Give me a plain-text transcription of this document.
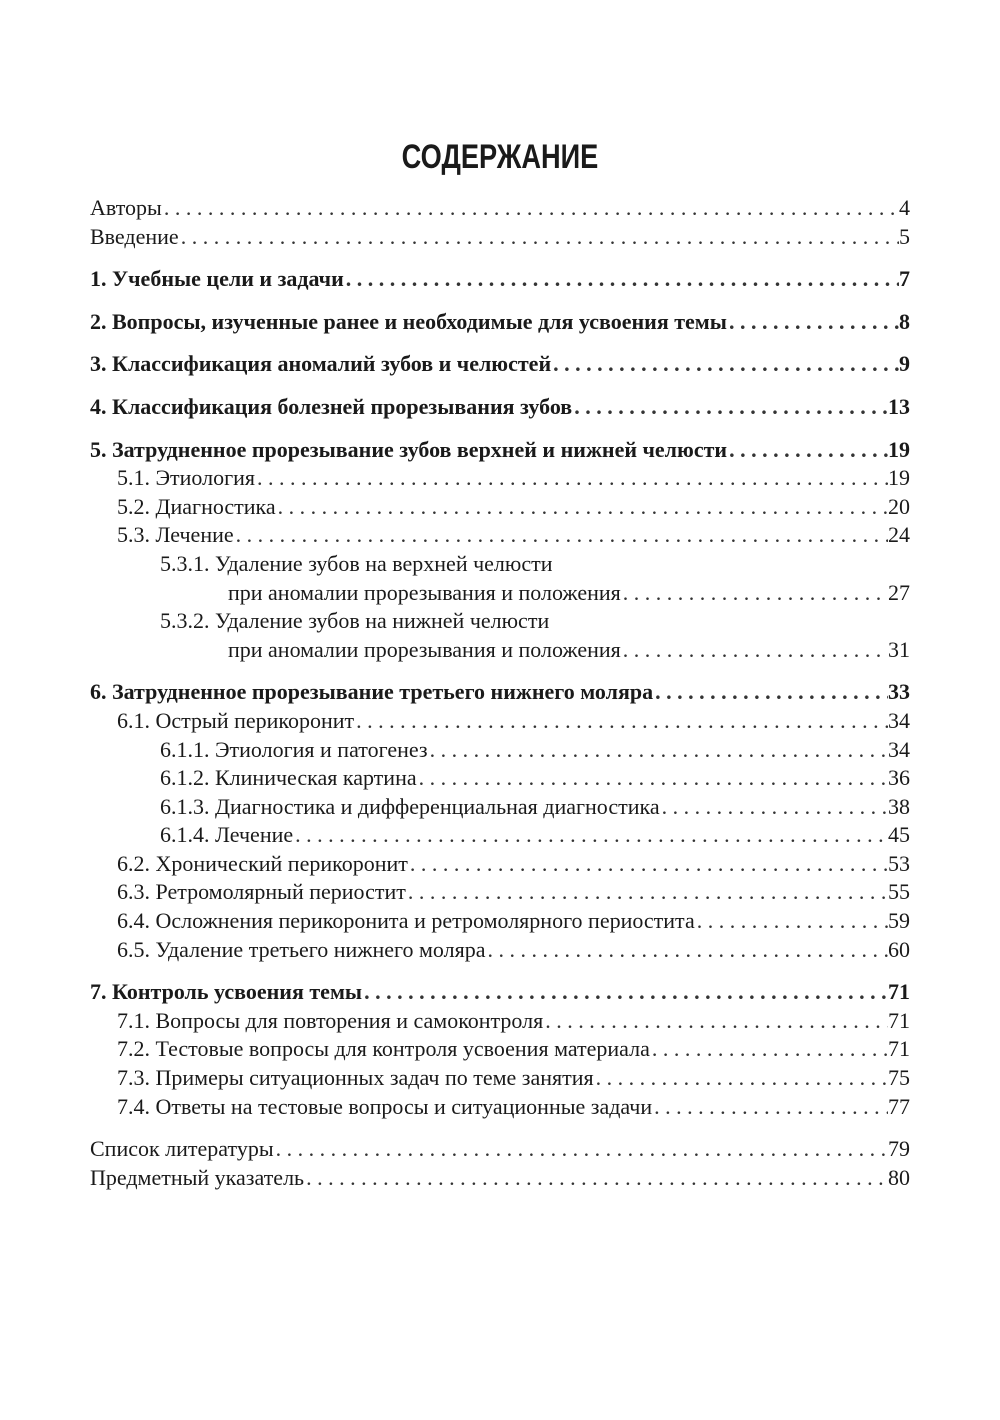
СОДЕРЖАНИЕ
Авторы . . .	4
Введение . . .	5
1. Учебные цели и задачи . . .	7
2. Вопросы, изученные ранее и необходимые для усвоения темы . . .	8
3. Классификация аномалий зубов и челюстей . . .	9
4. Классификация болезней прорезывания зубов . . .	13
5. Затрудненное прорезывание зубов верхней и нижней челюсти . . .	19
5.1. Этиология . . .	19
5.2. Диагностика . . .	20
5.3. Лечение . . .	24
5.3.1. Удаление зубов на верхней челюсти
при аномалии прорезывания и положения . . .	27
5.3.2. Удаление зубов на нижней челюсти
при аномалии прорезывания и положения . . .	31
6. Затрудненное прорезывание третьего нижнего моляра . . .	33
6.1. Острый перикоронит . . .	34
6.1.1. Этиология и патогенез . . .	34
6.1.2. Клиническая картина . . .	36
6.1.3. Диагностика и дифференциальная диагностика . . .	38
6.1.4. Лечение . . .	45
6.2. Хронический перикоронит . . .	53
6.3. Ретромолярный периостит . . .	55
6.4. Осложнения перикоронита и ретромолярного периостита . . .	59
6.5. Удаление третьего нижнего моляра . . .	60
7. Контроль усвоения темы . . .	71
7.1. Вопросы для повторения и самоконтроля . . .	71
7.2. Тестовые вопросы для контроля усвоения материала . . .	71
7.3. Примеры ситуационных задач по теме занятия . . .	75
7.4. Ответы на тестовые вопросы и ситуационные задачи . . .	77
Список литературы . . .	79
Предметный указатель . . .	80
